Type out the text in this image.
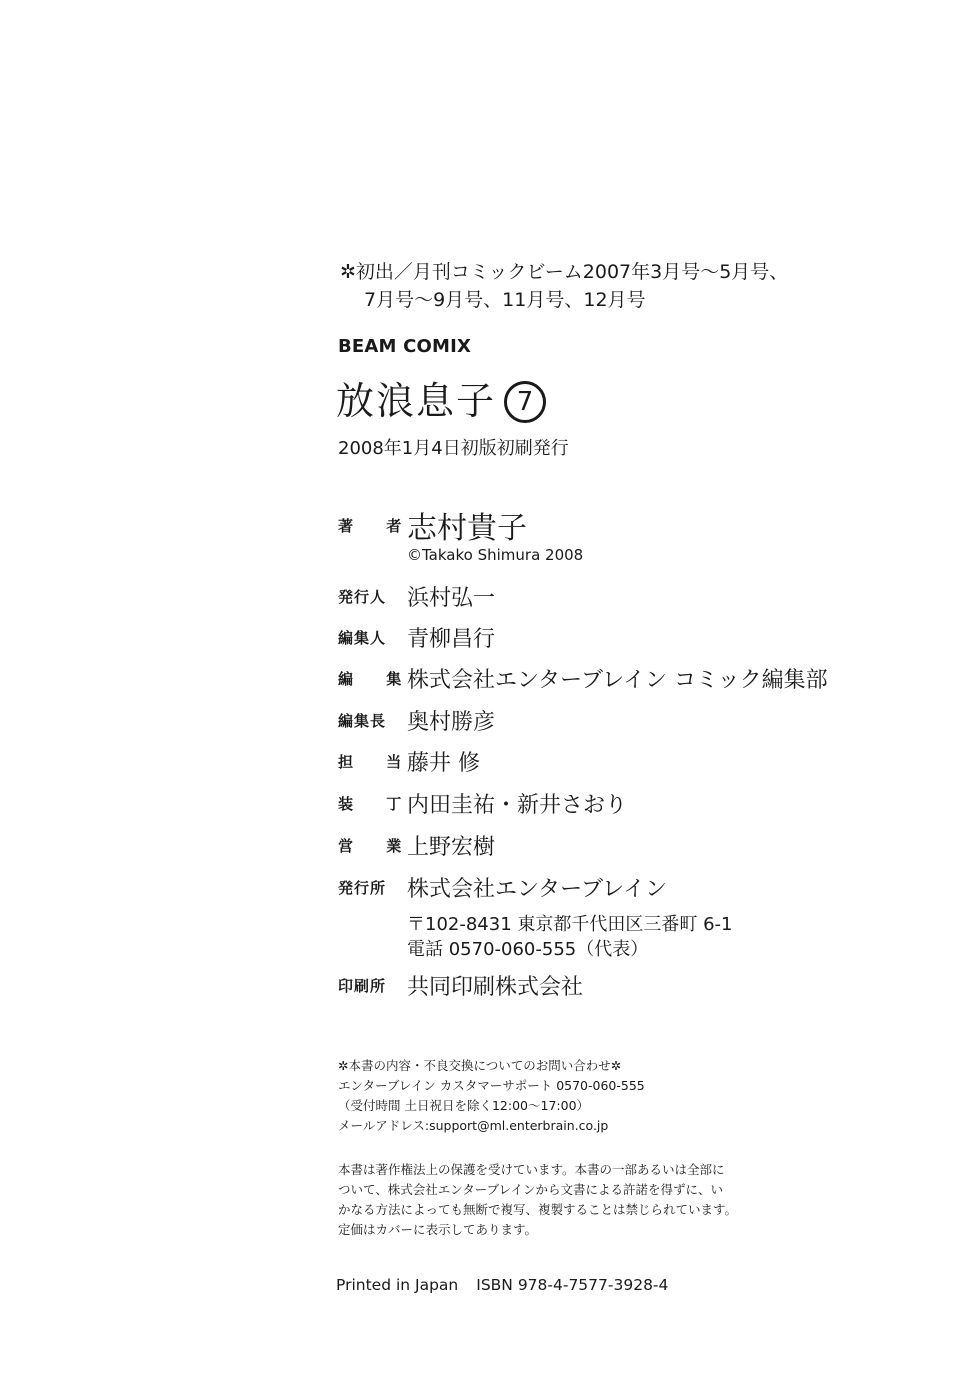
✲初出／月刊コミックビーム2007年3月号～5月号、
7月号～9月号、11月号、12月号
BEAM COMIX
放浪息子 7
2008年1月4日初版初刷発行
著 者
志村貴子
©Takako Shimura 2008
発行人 浜村弘一
編集人 青柳昌行
編 集
株式会社エンターブレイン コミック編集部
編集長 奥村勝彦
担 当
藤井 修
装 丁
内田圭祐・新井さおり
営 業
上野宏樹
発行所 株式会社エンターブレイン
〒102-8431 東京都千代田区三番町 6-1
電話 0570-060-555（代表）
印刷所 共同印刷株式会社
✲本書の内容・不良交換についてのお問い合わせ✲
エンターブレイン カスタマーサポート 0570-060-555
（受付時間 土日祝日を除く12:00～17:00）
メールアドレス:support@ml.enterbrain.co.jp
本書は著作権法上の保護を受けています。本書の一部あるいは全部に
ついて、株式会社エンターブレインから文書による許諾を得ずに、い
かなる方法によっても無断で複写、複製することは禁じられています。
定価はカバーに表示してあります。
Printed in Japan ISBN 978-4-7577-3928-4
